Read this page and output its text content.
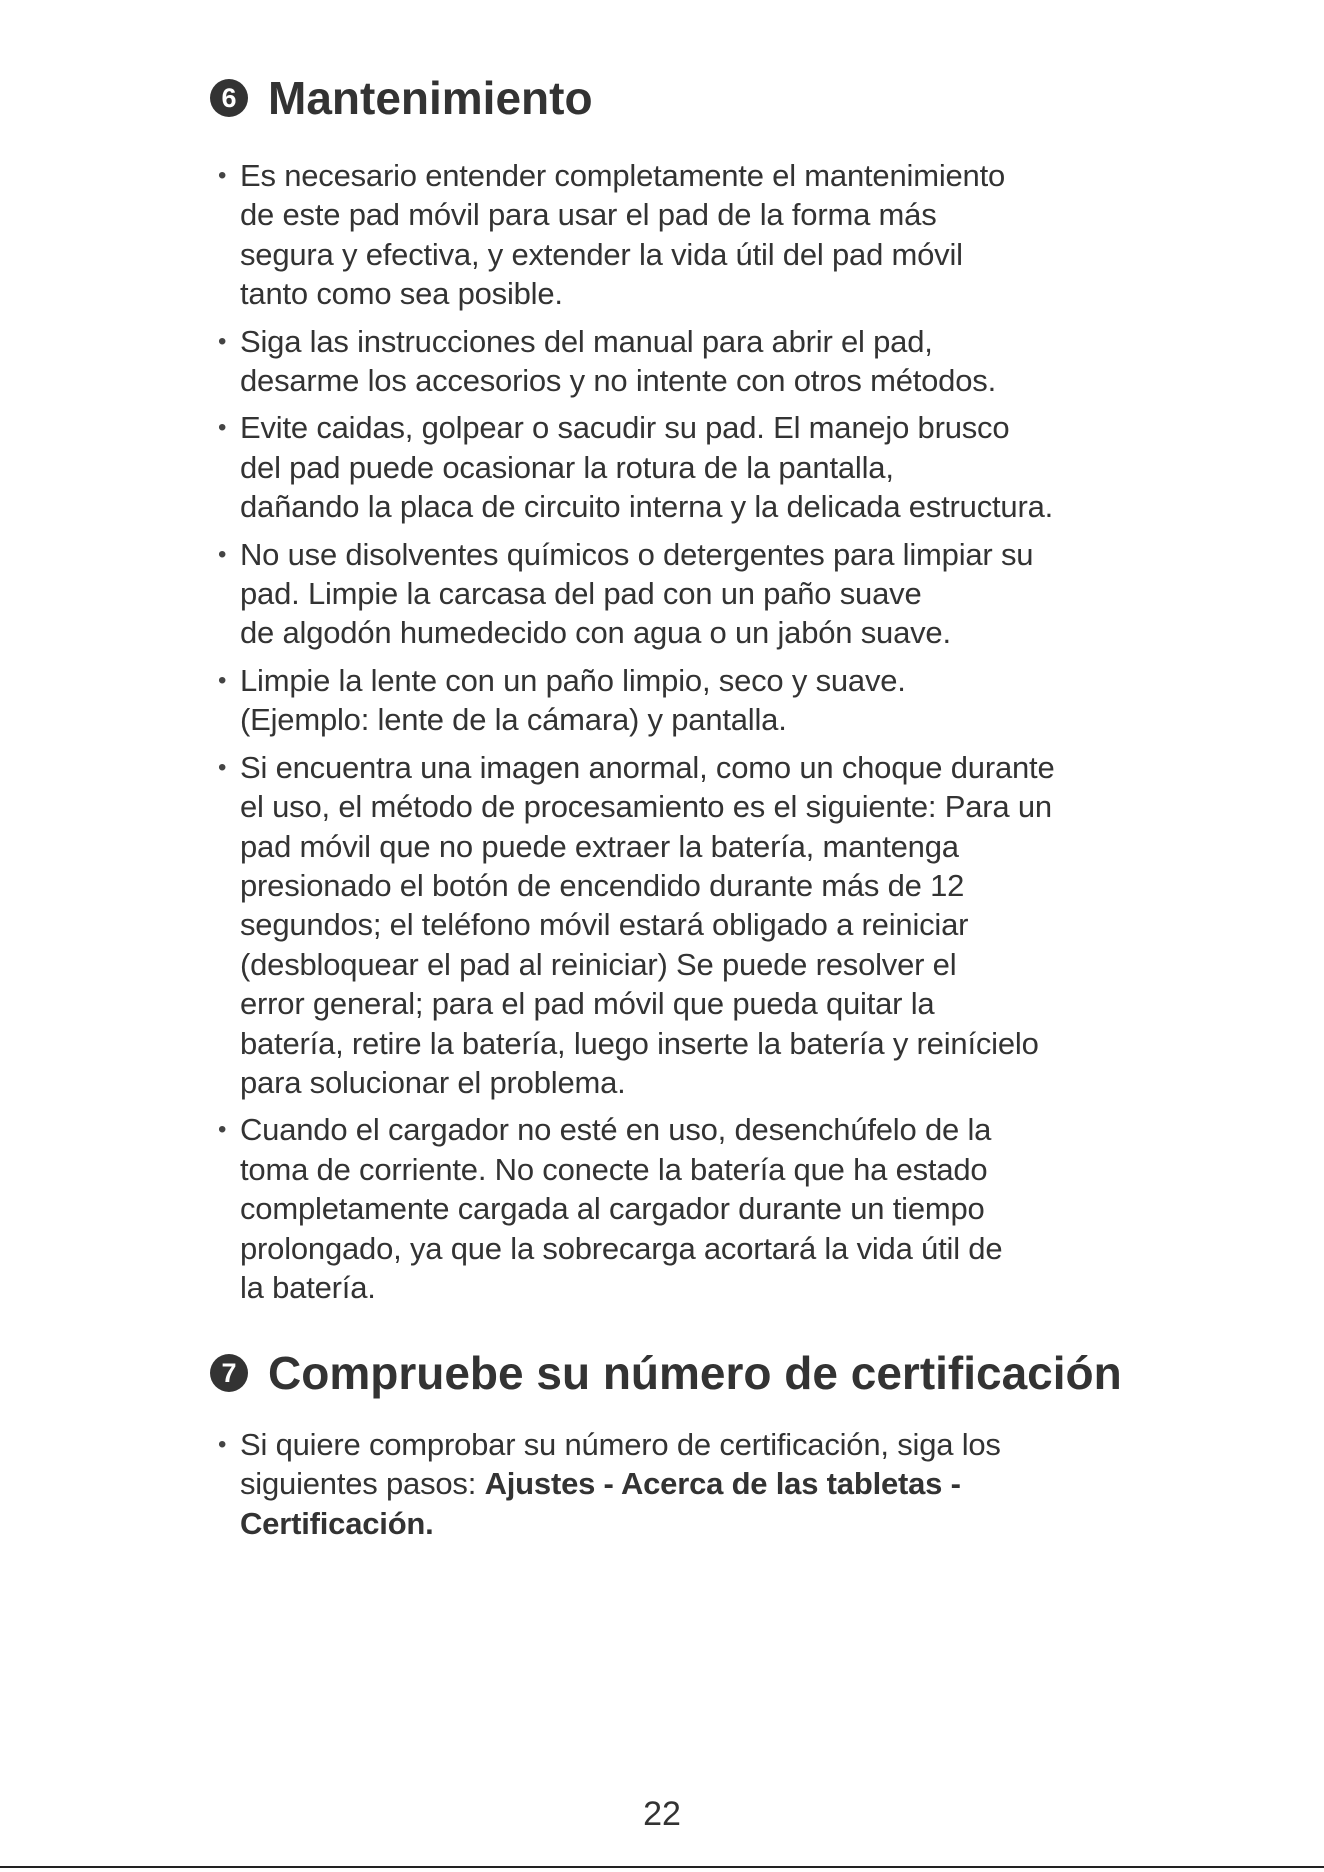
6 Mantenimiento
• Es necesario entender completamente el mantenimiento
de este pad móvil para usar el pad de la forma más
segura y efectiva, y extender la vida útil del pad móvil
tanto como sea posible.
• Siga las instrucciones del manual para abrir el pad,
desarme los accesorios y no intente con otros métodos.
• Evite caidas, golpear o sacudir su pad. El manejo brusco
del pad puede ocasionar la rotura de la pantalla,
dañando la placa de circuito interna y la delicada estructura.
• No use disolventes químicos o detergentes para limpiar su
pad. Limpie la carcasa del pad con un paño suave
de algodón humedecido con agua o un jabón suave.
• Limpie la lente con un paño limpio, seco y suave.
(Ejemplo: lente de la cámara) y pantalla.
• Si encuentra una imagen anormal, como un choque durante
el uso, el método de procesamiento es el siguiente: Para un
pad móvil que no puede extraer la batería, mantenga
presionado el botón de encendido durante más de 12
segundos; el teléfono móvil estará obligado a reiniciar
(desbloquear el pad al reiniciar) Se puede resolver el
error general; para el pad móvil que pueda quitar la
batería, retire la batería, luego inserte la batería y reinícielo
para solucionar el problema.
• Cuando el cargador no esté en uso, desenchúfelo de la
toma de corriente. No conecte la batería que ha estado
completamente cargada al cargador durante un tiempo
prolongado, ya que la sobrecarga acortará la vida útil de
la batería.
7 Compruebe su número de certificación
• Si quiere comprobar su número de certificación, siga los
siguientes pasos: Ajustes - Acerca de las tabletas -
Certificación.
22
